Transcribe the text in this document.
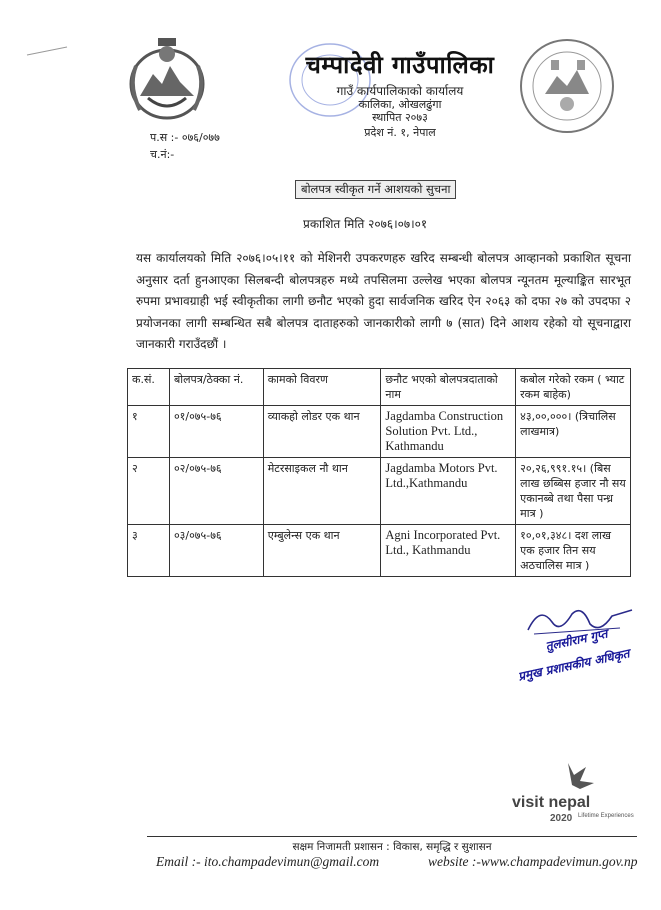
चम्पादेवी गाउँपालिका
गाउँ कार्यपालिकाको कार्यालय
कालिका, ओखलढुंगा
स्थापित २०७३
प्रदेश नं. १, नेपाल
प.स :- ०७६/०७७
च.नं:-
बोलपत्र स्वीकृत गर्ने आशयको सुचना
प्रकाशित मिति २०७६।०७।०१
यस कार्यालयको मिति २०७६।०५।११ को मेशिनरी उपकरणहरु खरिद सम्बन्धी बोलपत्र आव्हानको प्रकाशित सूचना अनुसार दर्ता हुनआएका सिलबन्दी बोलपत्रहरु मध्ये तपसिलमा उल्लेख भएका बोलपत्र न्यूनतम मूल्याङ्कित सारभूत रुपमा प्रभावग्राही भई स्वीकृतीका लागी छनौट भएको हुदा सार्वजनिक खरिद ऐन २०६३ को दफा २७ को उपदफा २ प्रयोजनका लागी सम्बन्धित सबै बोलपत्र दाताहरुको जानकारीको लागी ७ (सात) दिने आशय रहेको यो सूचनाद्वारा जानकारी गराउँदछौं ।
क.सं.	बोलपत्र/ठेक्का नं.	कामको विवरण	छनौट भएको बोलपत्रदाताको नाम	कबोल गरेको रकम ( भ्याट रकम बाहेक)
१	०१/०७५-७६	व्याकहो लोडर एक थान	Jagdamba Construction Solution Pvt. Ltd., Kathmandu	४३,००,०००। (त्रिचालिस लाखमात्र)
२	०२/०७५-७६	मेटरसाइकल नौ थान	Jagdamba Motors Pvt. Ltd.,Kathmandu	२०,२६,९९१.१५। (बिस लाख छब्बिस हजार नौ सय एकानब्बे तथा पैसा पन्ध्र मात्र )
३	०३/०७५-७६	एम्बुलेन्स एक थान	Agni Incorporated Pvt. Ltd., Kathmandu	१०,०१,३४८। दश लाख एक हजार तिन सय अठचालिस मात्र )
तुलसीराम गुप्त
प्रमुख प्रशासकीय अधिकृत
visit nepal
2020 Lifetime Experiences
सक्षम निजामती प्रशासन : विकास, समृद्धि र सुशासन
Email :- ito.champadevimun@gmail.com	website :-www.champadevimun.gov.np
